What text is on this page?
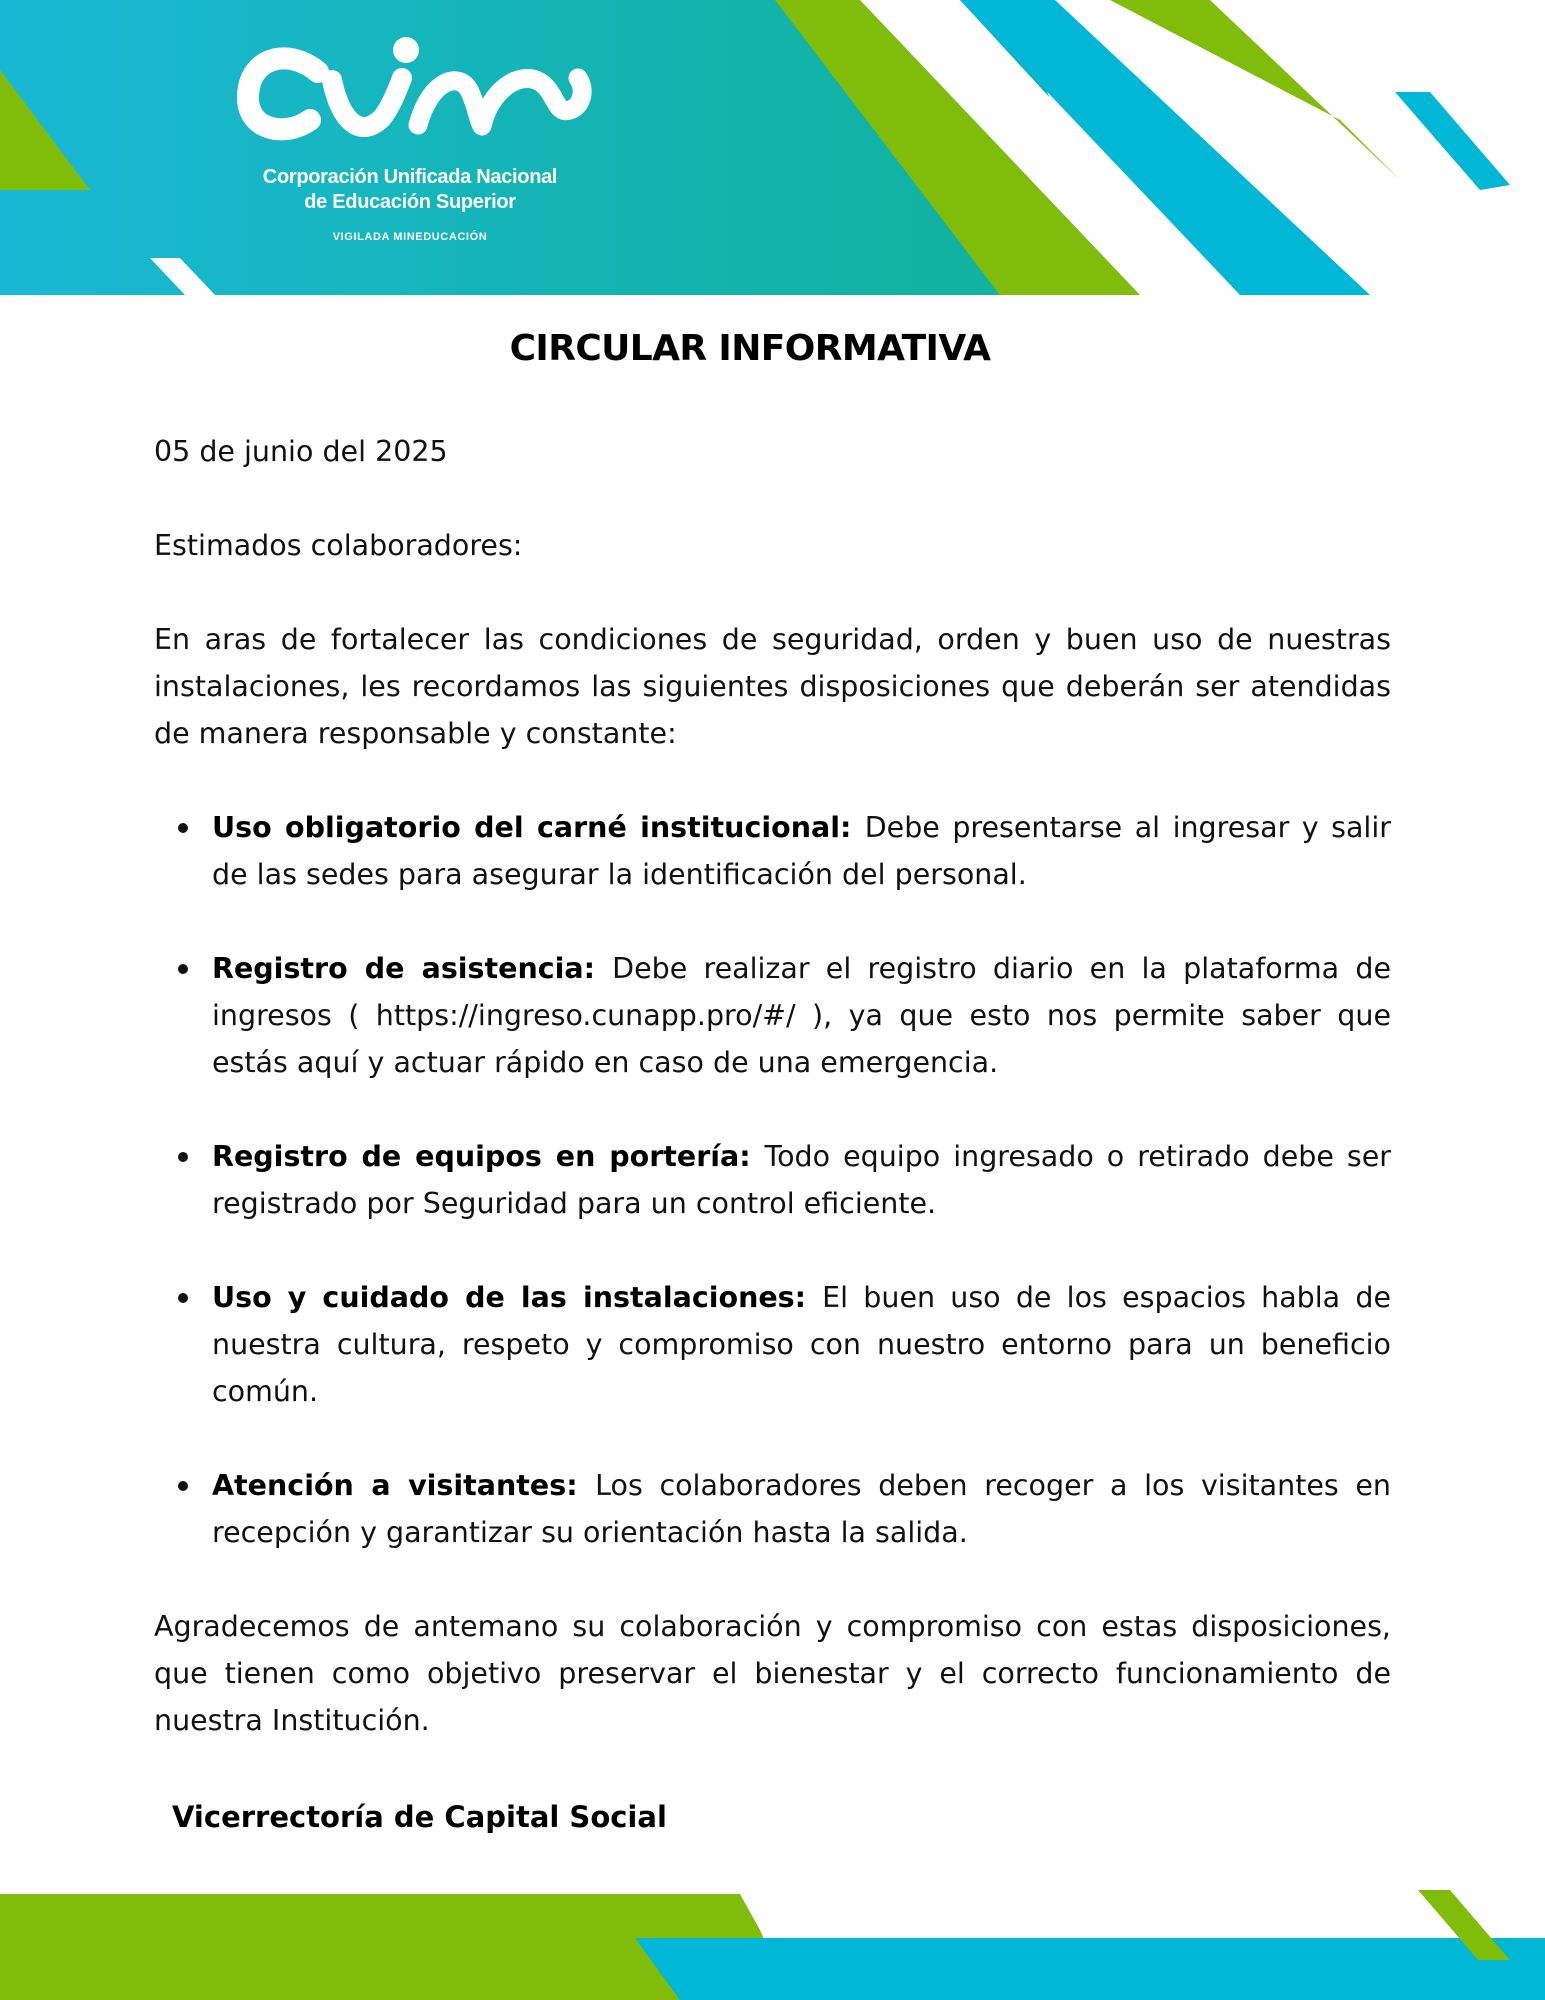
Corporación Unificada Nacional
de Educación Superior
VIGILADA MINEDUCACIÓN
CIRCULAR INFORMATIVA

05 de junio del 2025

Estimados colaboradores:

En aras de fortalecer las condiciones de seguridad, orden y buen uso de nuestras instalaciones, les recordamos las siguientes disposiciones que deberán ser atendidas de manera responsable y constante:

Uso obligatorio del carné institucional: Debe presentarse al ingresar y salir de las sedes para asegurar la identificación del personal.
Registro de asistencia: Debe realizar el registro diario en la plataforma de ingresos ( https://ingreso.cunapp.pro/#/ ), ya que esto nos permite saber que estás aquí y actuar rápido en caso de una emergencia.
Registro de equipos en portería: Todo equipo ingresado o retirado debe ser registrado por Seguridad para un control eficiente.
Uso y cuidado de las instalaciones: El buen uso de los espacios habla de nuestra cultura, respeto y compromiso con nuestro entorno para un beneficio común.
Atención a visitantes: Los colaboradores deben recoger a los visitantes en recepción y garantizar su orientación hasta la salida.

Agradecemos de antemano su colaboración y compromiso con estas disposiciones, que tienen como objetivo preservar el bienestar y el correcto funcionamiento de nuestra Institución.

Vicerrectoría de Capital Social
